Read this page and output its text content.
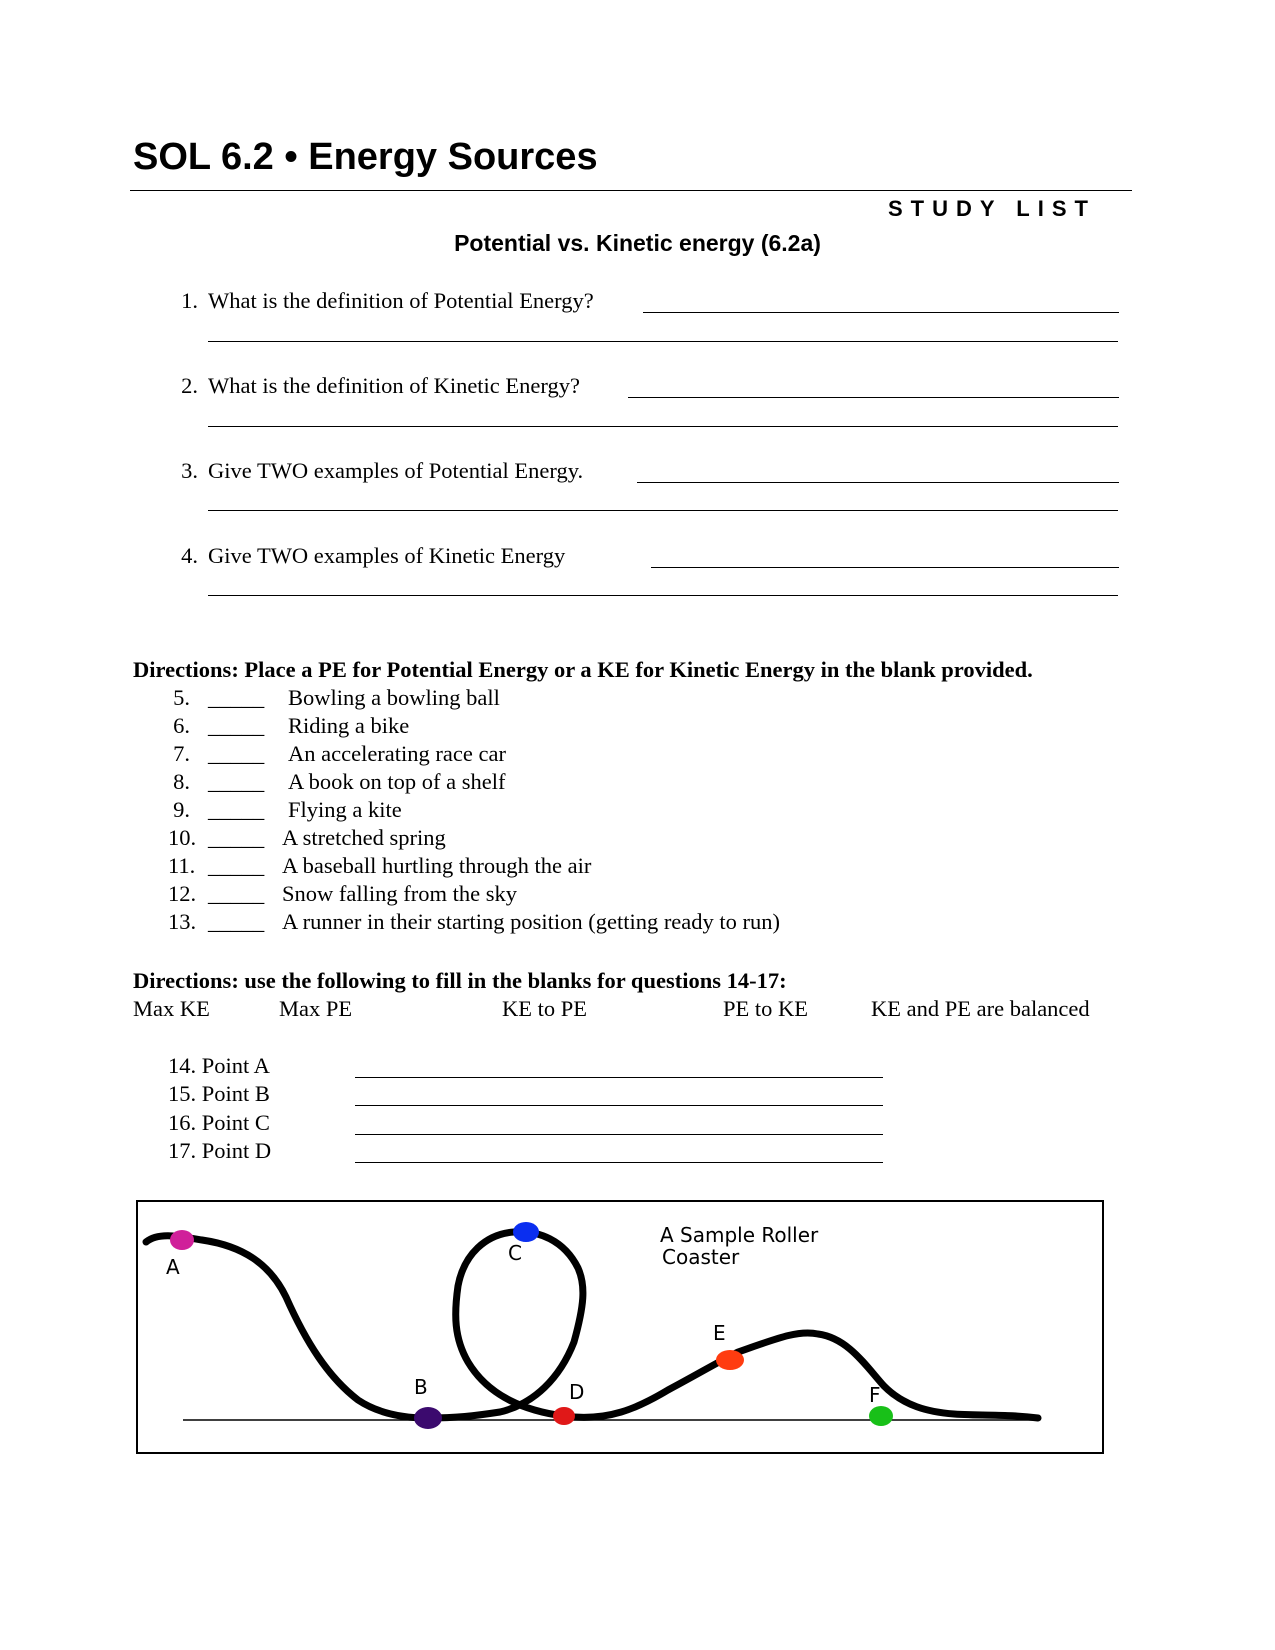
SOL 6.2 • Energy Sources
STUDY LIST
Potential vs. Kinetic energy (6.2a)
1. What is the definition of Potential Energy?
2. What is the definition of Kinetic Energy?
3. Give TWO examples of Potential Energy.
4. Give TWO examples of Kinetic Energy
Directions: Place a PE for Potential Energy or a KE for Kinetic Energy in the blank provided.
5. _____ Bowling a bowling ball
6. _____ Riding a bike
7. _____ An accelerating race car
8. _____ A book on top of a shelf
9. _____ Flying a kite
10. _____ A stretched spring
11. _____ A baseball hurtling through the air
12. _____ Snow falling from the sky
13. _____ A runner in their starting position (getting ready to run)
Directions: use the following to fill in the blanks for questions 14-17:
Max KE	Max PE	KE to PE	PE to KE	KE and PE are balanced
14. Point A
15. Point B
16. Point C
17. Point D
A
B
C
D
E
F
A Sample Roller
Coaster
